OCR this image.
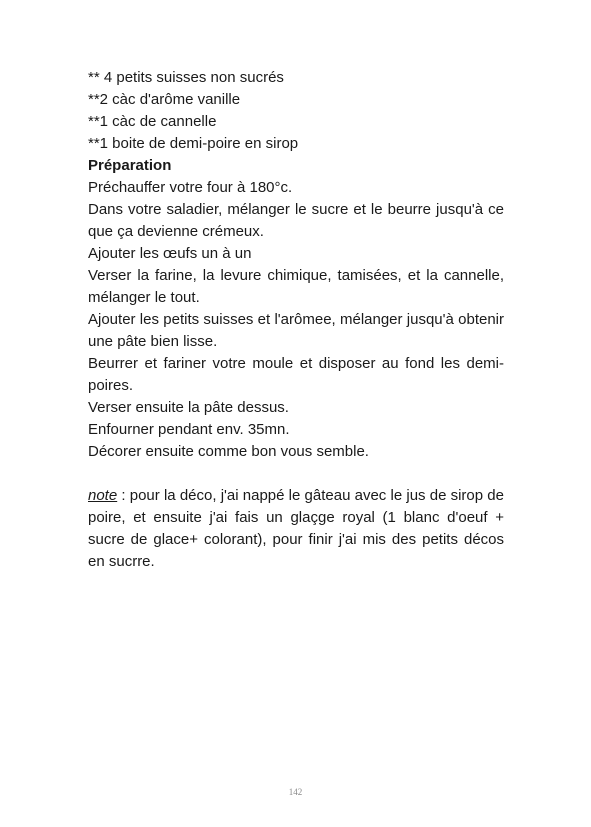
** 4 petits suisses non sucrés

**2 càc d'arôme vanille

**1 càc de cannelle

**1 boite de demi-poire en sirop

Préparation

Préchauffer votre four à 180°c.

Dans votre saladier, mélanger le sucre et le beurre jusqu'à ce que ça devienne crémeux.

Ajouter les œufs un à un

Verser la farine, la levure chimique, tamisées, et la cannelle, mélanger le tout.

Ajouter les petits suisses et l'arômee, mélanger jusqu'à obtenir une pâte bien lisse.

Beurrer et fariner votre moule et disposer au fond les demi-poires.

Verser ensuite la pâte dessus.

Enfourner pendant env. 35mn.

Décorer ensuite comme bon vous semble.

note : pour la déco, j'ai nappé le gâteau avec le jus de sirop de poire, et ensuite j'ai fais un glaçge royal (1 blanc d'oeuf + sucre de glace+ colorant), pour finir j'ai mis des petits décos en sucrre.

142
